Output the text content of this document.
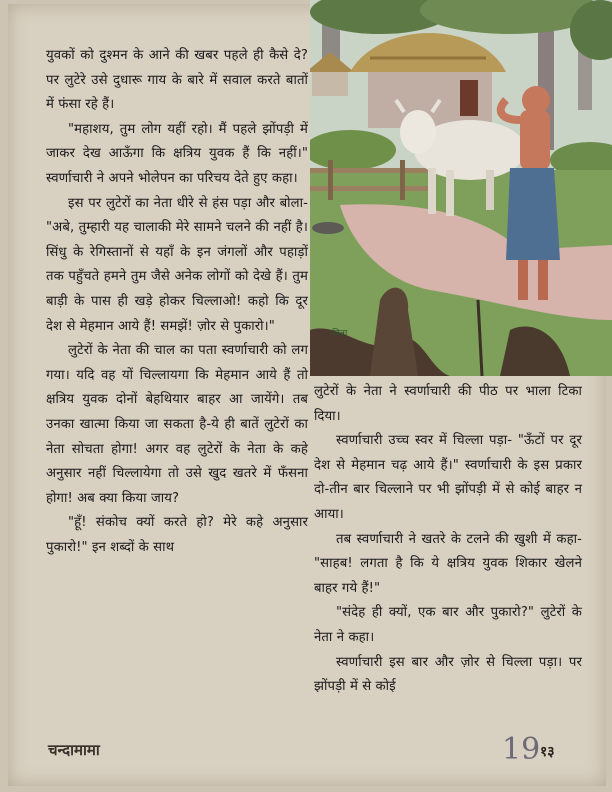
युवकों को दुश्मन के आने की खबर पहले ही कैसे दे? पर लुटेरे उसे दुधारू गाय के बारे में सवाल करते बातों में फंसा रहे हैं।

"महाशय, तुम लोग यहीं रहो। मैं पहले झोंपड़ी में जाकर देख आऊँगा कि क्षत्रिय युवक हैं कि नहीं।" स्वर्णाचारी ने अपने भोलेपन का परिचय देते हुए कहा।

इस पर लुटेरों का नेता धीरे से हंस पड़ा और बोला-"अबे, तुम्हारी यह चालाकी मेरे सामने चलने की नहीं है। सिंधु के रेगिस्तानों से यहाँ के इन जंगलों और पहाड़ों तक पहुँचते हमने तुम जैसे अनेक लोगों को देखे हैं। तुम बाड़ी के पास ही खड़े होकर चिल्लाओ! कहो कि दूर देश से मेहमान आये हैं! समझें! ज़ोर से पुकारो।"

लुटेरों के नेता की चाल का पता स्वर्णाचारी को लग गया। यदि वह यों चिल्लायगा कि मेहमान आये हैं तो क्षत्रिय युवक दोनों बेहथियार बाहर आ जायेंगे। तब उनका खात्मा किया जा सकता है-ये ही बातें लुटेरों का नेता सोचता होगा! अगर वह लुटेरों के नेता के कहे अनुसार नहीं चिल्लायेगा तो उसे खुद खतरे में फँसना होगा! अब क्या किया जाय?

"हूँ! संकोच क्यों करते हो? मेरे कहे अनुसार पुकारो!" इन शब्दों के साथ

चित्रा

लुटेरों के नेता ने स्वर्णाचारी की पीठ पर भाला टिका दिया।

स्वर्णाचारी उच्च स्वर में चिल्ला पड़ा- "ऊँटों पर दूर देश से मेहमान चढ़ आये हैं।" स्वर्णाचारी के इस प्रकार दो-तीन बार चिल्लाने पर भी झोंपड़ी में से कोई बाहर न आया।

तब स्वर्णाचारी ने खतरे के टलने की खुशी में कहा-"साहब! लगता है कि ये क्षत्रिय युवक शिकार खेलने बाहर गये हैं!"

"संदेह ही क्यों, एक बार और पुकारो?" लुटेरों के नेता ने कहा।

स्वर्णाचारी इस बार और ज़ोर से चिल्ला पड़ा। पर झोंपड़ी में से कोई

चन्दामामा	19 १३
